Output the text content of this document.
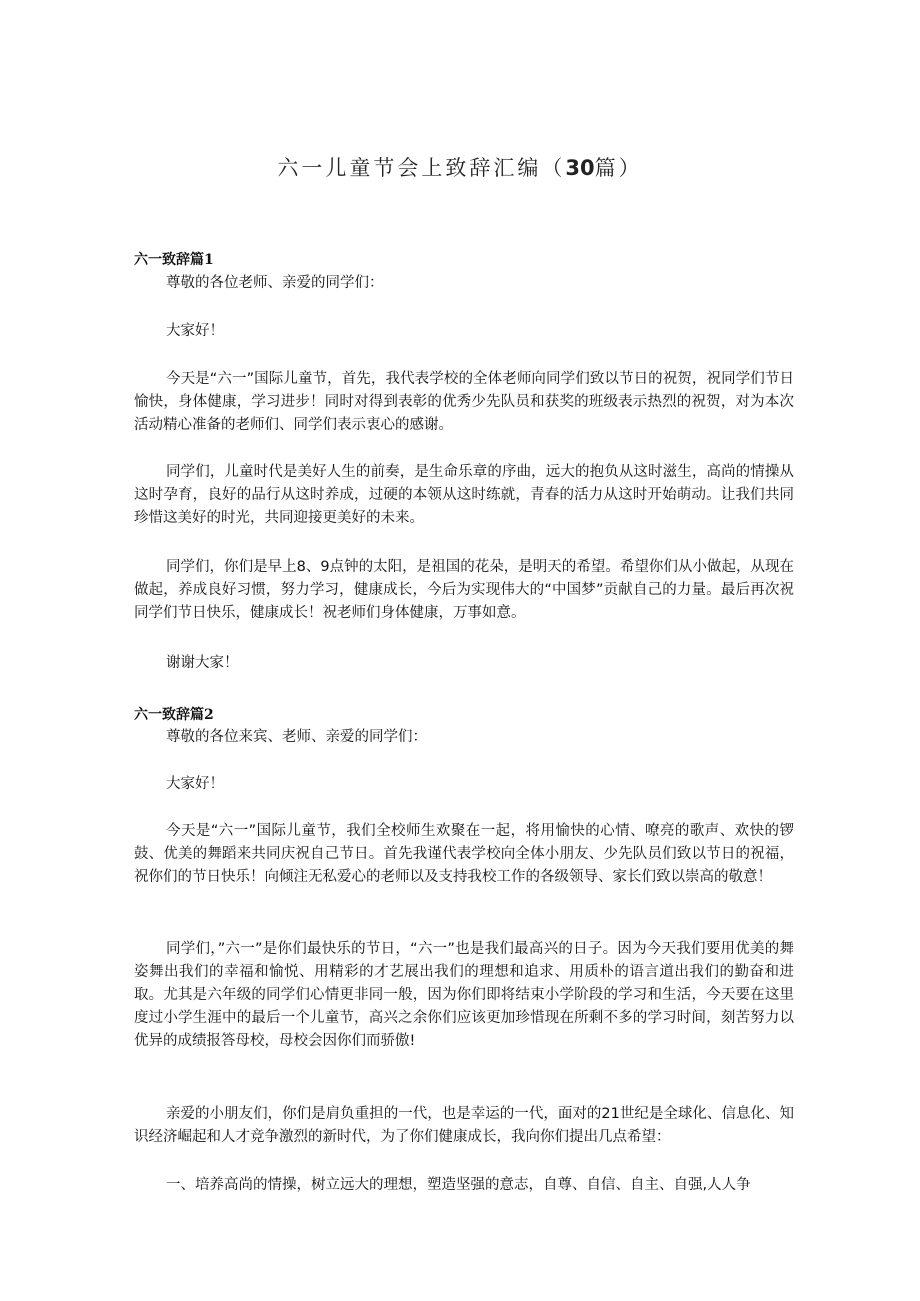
六一儿童节会上致辞汇编（30篇）
六一致辞篇1

尊敬的各位老师、亲爱的同学们：

大家好！

今天是“六一”国际儿童节，首先，我代表学校的全体老师向同学们致以节日的祝贺，祝同学们节日愉快，身体健康，学习进步！同时对得到表彰的优秀少先队员和获奖的班级表示热烈的祝贺，对为本次活动精心准备的老师们、同学们表示衷心的感谢。

同学们，儿童时代是美好人生的前奏，是生命乐章的序曲，远大的抱负从这时滋生，高尚的情操从这时孕育，良好的品行从这时养成，过硬的本领从这时练就，青春的活力从这时开始萌动。让我们共同珍惜这美好的时光，共同迎接更美好的未来。

同学们，你们是早上8、9点钟的太阳，是祖国的花朵，是明天的希望。希望你们从小做起，从现在做起，养成良好习惯，努力学习，健康成长，今后为实现伟大的“中国梦”贡献自己的力量。最后再次祝同学们节日快乐，健康成长！祝老师们身体健康，万事如意。

谢谢大家！

六一致辞篇2

尊敬的各位来宾、老师、亲爱的同学们：

大家好！

今天是“六一”国际儿童节，我们全校师生欢聚在一起，将用愉快的心情、嘹亮的歌声、欢快的锣鼓、优美的舞蹈来共同庆祝自己节日。首先我谨代表学校向全体小朋友、少先队员们致以节日的祝福，祝你们的节日快乐！向倾注无私爱心的老师以及支持我校工作的各级领导、家长们致以崇高的敬意！

同学们，”六一”是你们最快乐的节日，“六一”也是我们最高兴的日子。因为今天我们要用优美的舞姿舞出我们的幸福和愉悦、用精彩的才艺展出我们的理想和追求、用质朴的语言道出我们的勤奋和进取。尤其是六年级的同学们心情更非同一般，因为你们即将结束小学阶段的学习和生活，今天要在这里度过小学生涯中的最后一个儿童节，高兴之余你们应该更加珍惜现在所剩不多的学习时间，刻苦努力以优异的成绩报答母校，母校会因你们而骄傲!

亲爱的小朋友们，你们是肩负重担的一代，也是幸运的一代，面对的21世纪是全球化、信息化、知识经济崛起和人才竞争激烈的新时代，为了你们健康成长，我向你们提出几点希望：

一、培养高尚的情操，树立远大的理想，塑造坚强的意志，自尊、自信、自主、自强,人人争
